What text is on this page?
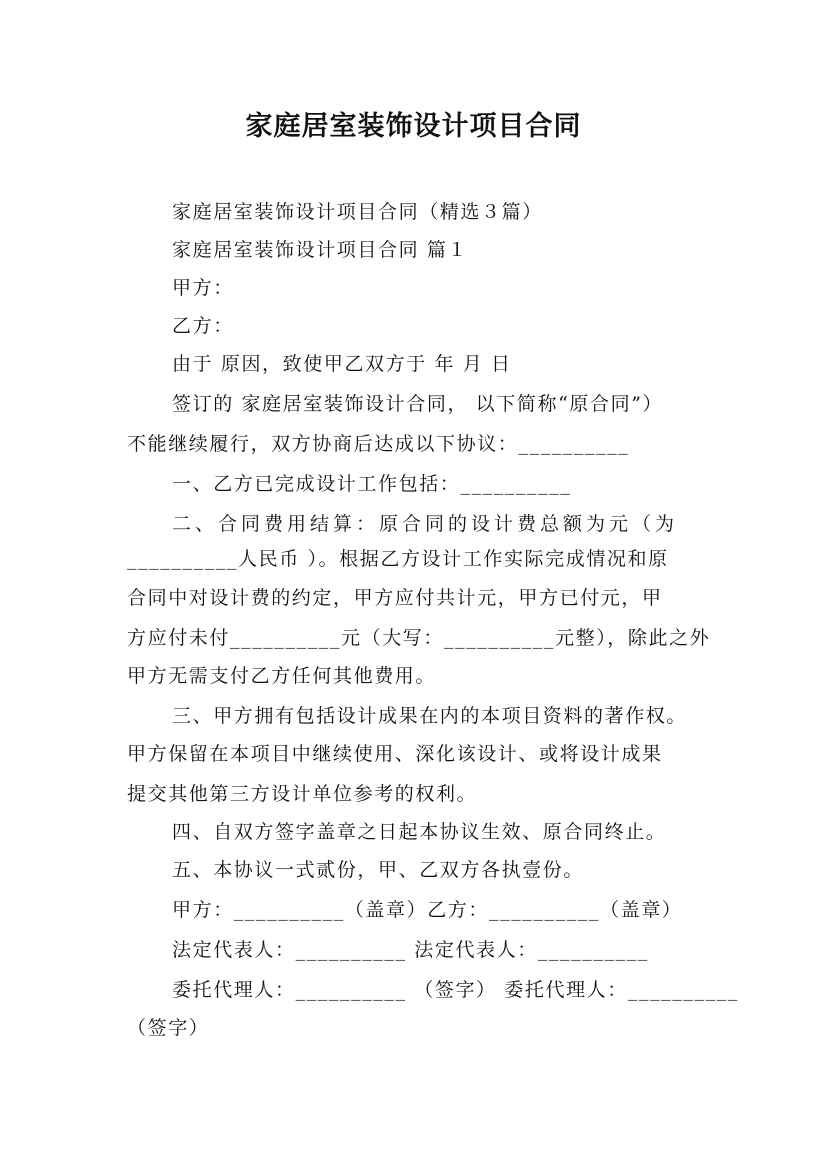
家庭居室装饰设计项目合同
家庭居室装饰设计项目合同（精选３篇）
家庭居室装饰设计项目合同 篇１
甲方：
乙方：
由于 原因，致使甲乙双方于 年 月 日
签订的 家庭居室装饰设计合同， 以下简称“原合同”）
不能继续履行，双方协商后达成以下协议：__________
一、乙方已完成设计工作包括：__________
二、合同费用结算：原合同的设计费总额为元（为
__________人民币 ）。根据乙方设计工作实际完成情况和原
合同中对设计费的约定，甲方应付共计元，甲方已付元，甲
方应付未付__________元（大写：__________元整），除此之外
甲方无需支付乙方任何其他费用。
三、甲方拥有包括设计成果在内的本项目资料的著作权。
甲方保留在本项目中继续使用、深化该设计、或将设计成果
提交其他第三方设计单位参考的权利。
四、自双方签字盖章之日起本协议生效、原合同终止。
五、本协议一式贰份，甲、乙双方各执壹份。
甲方：__________（盖章）乙方：__________（盖章）
法定代表人：__________ 法定代表人：__________
委托代理人：__________ （签字） 委托代理人：__________
（签字）
